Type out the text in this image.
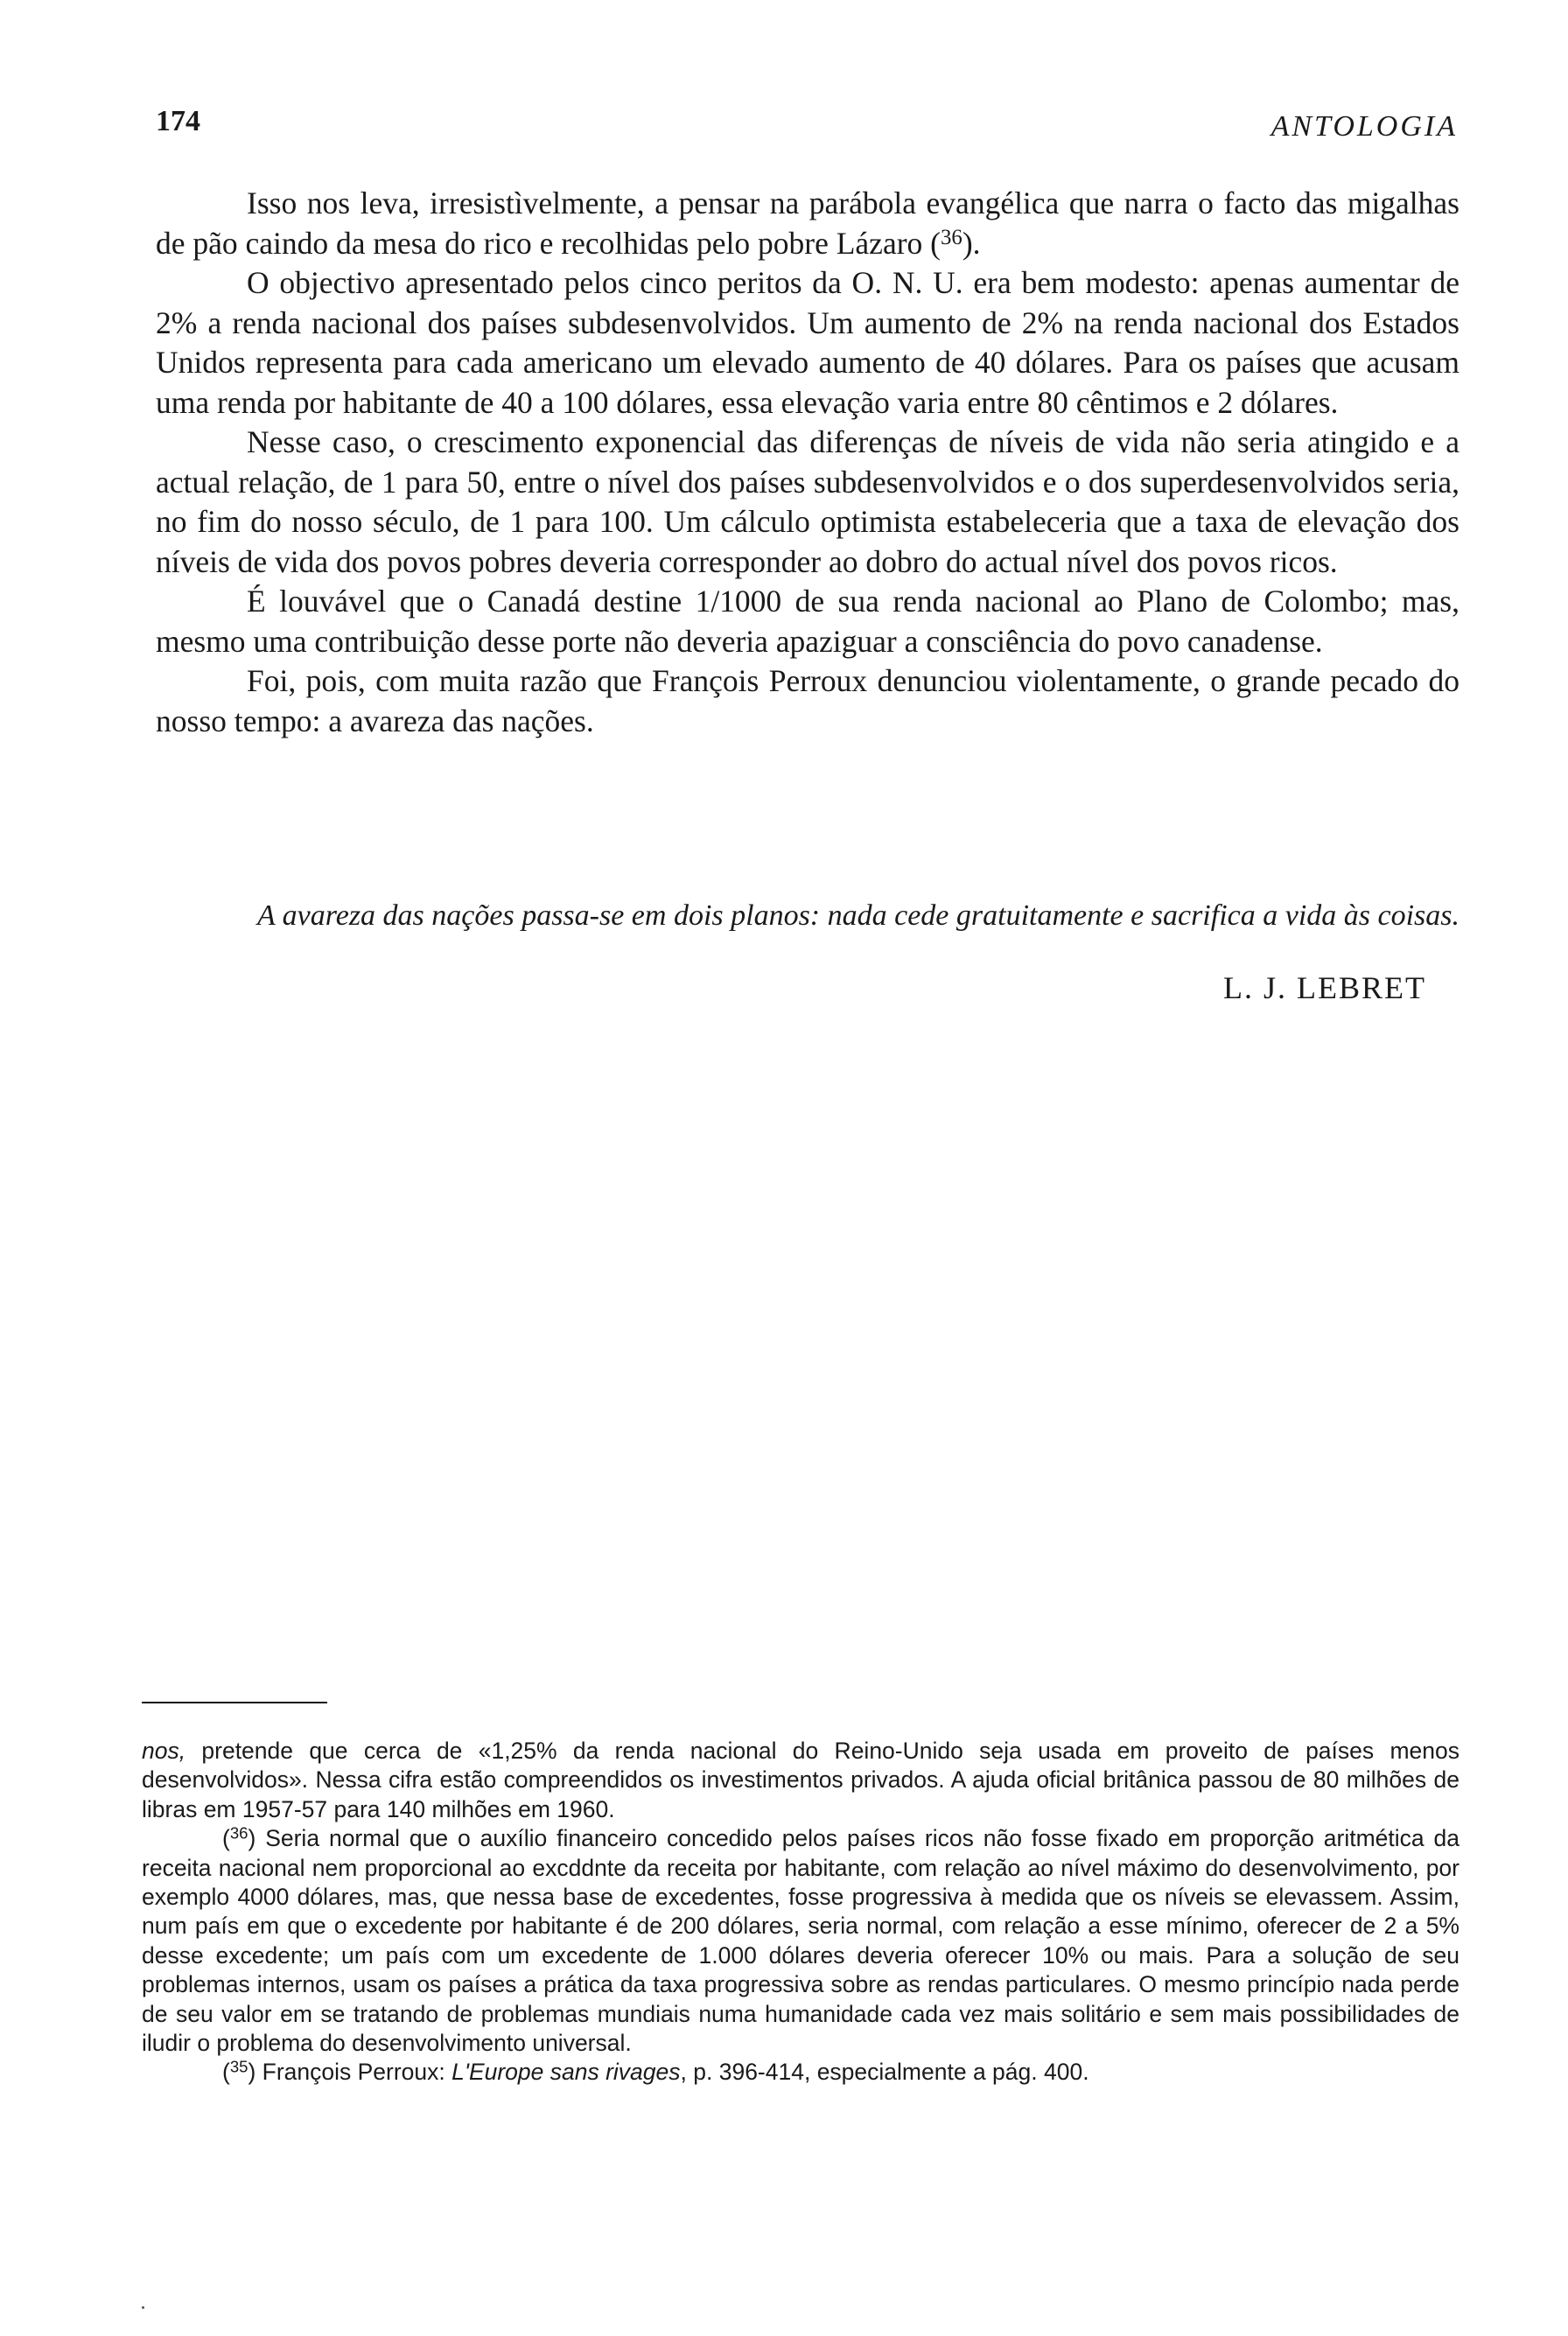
174	ANTOLOGIA

Isso nos leva, irresistìvelmente, a pensar na parábola evangélica que narra o facto das migalhas de pão caindo da mesa do rico e recolhidas pelo pobre Lázaro ($^{36}$).

O objectivo apresentado pelos cinco peritos da O. N. U. era bem modesto: apenas aumentar de 2% a renda nacional dos países subdesenvolvidos. Um aumento de 2% na renda nacional dos Estados Unidos representa para cada americano um elevado aumento de 40 dólares. Para os países que acusam uma renda por habitante de 40 a 100 dólares, essa elevação varia entre 80 cêntimos e 2 dólares.

Nesse caso, o crescimento exponencial das diferenças de níveis de vida não seria atingido e a actual relação, de 1 para 50, entre o nível dos países subdesenvolvidos e o dos superdesenvolvidos seria, no fim do nosso século, de 1 para 100. Um cálculo optimista estabeleceria que a taxa de elevação dos níveis de vida dos povos pobres deveria corresponder ao dobro do actual nível dos povos ricos.

É louvável que o Canadá destine 1/1000 de sua renda nacional ao Plano de Colombo; mas, mesmo uma contribuição desse porte não deveria apaziguar a consciência do povo canadense.

Foi, pois, com muita razão que François Perroux denunciou violentamente, o grande pecado do nosso tempo: a avareza das nações.

A avareza das nações passa-se em dois planos: nada cede gratuitamente e sacrifica a vida às coisas.
L. J. LEBRET

nos, pretende que cerca de «1,25% da renda nacional do Reino-Unido seja usada em proveito de países menos desenvolvidos». Nessa cifra estão compreendidos os investimentos privados. A ajuda oficial britânica passou de 80 milhões de libras em 1957-57 para 140 milhões em 1960.

($^{36}$) Seria normal que o auxílio financeiro concedido pelos países ricos não fosse fixado em proporção aritmética da receita nacional nem proporcional ao excddnte da receita por habitante, com relação ao nível máximo do desenvolvimento, por exemplo 4000 dólares, mas, que nessa base de excedentes, fosse progressiva à medida que os níveis se elevassem. Assim, num país em que o excedente por habitante é de 200 dólares, seria normal, com relação a esse mínimo, oferecer de 2 a 5% desse excedente; um país com um excedente de 1.000 dólares deveria oferecer 10% ou mais. Para a solução de seu problemas internos, usam os países a prática da taxa progressiva sobre as rendas particulares. O mesmo princípio nada perde de seu valor em se tratando de problemas mundiais numa humanidade cada vez mais solitário e sem mais possibilidades de iludir o problema do desenvolvimento universal.

($^{35}$) François Perroux: L'Europe sans rivages, p. 396-414, especialmente a pág. 400.
